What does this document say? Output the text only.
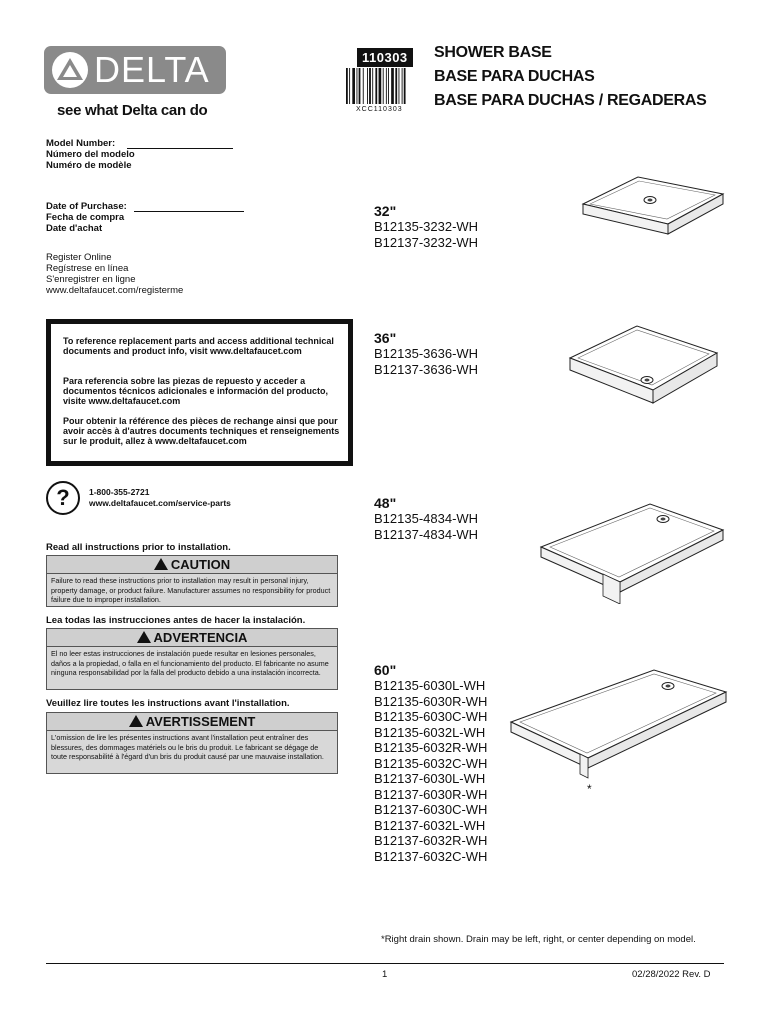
DELTA
see what Delta can do
110303
XCC110303
SHOWER BASE
BASE PARA DUCHAS
BASE PARA DUCHAS / REGADERAS
Model Number:
Número del modelo
Numéro de modèle
Date of Purchase:
Fecha de compra
Date d'achat
Register Online
Regístrese en línea
S'enregistrer en ligne
www.deltafaucet.com/registerme
To reference replacement parts and access additional technical documents and product info, visit www.deltafaucet.com
Para referencia sobre las piezas de repuesto y acceder a documentos técnicos adicionales e información del producto, visite www.deltafaucet.com
Pour obtenir la référence des pièces de rechange ainsi que pour avoir accès à d'autres documents techniques et renseignements sur le produit, allez à www.deltafaucet.com
?	1-800-355-2721
www.deltafaucet.com/service-parts
Read all instructions prior to installation.
CAUTION
Failure to read these instructions prior to installation may result in personal injury, property damage, or product failure. Manufacturer assumes no responsibility for product failure due to improper installation.
Lea todas las instrucciones antes de hacer la instalación.
ADVERTENCIA
El no leer estas instrucciones de instalación puede resultar en lesiones personales, daños a la propiedad, o falla en el funcionamiento del producto. El fabricante no asume ninguna responsabilidad por la falla del producto debido a una instalación incorrecta.
Veuillez lire toutes les instructions avant l'installation.
AVERTISSEMENT
L'omission de lire les présentes instructions avant l'installation peut entraîner des blessures, des dommages matériels ou le bris du produit. Le fabricant se dégage de toute responsabilité à l'égard d'un bris du produit causé par une mauvaise installation.
32"
B12135-3232-WH
B12137-3232-WH
36"
B12135-3636-WH
B12137-3636-WH
48"
B12135-4834-WH
B12137-4834-WH
60"
B12135-6030L-WH
B12135-6030R-WH
B12135-6030C-WH
B12135-6032L-WH
B12135-6032R-WH
B12135-6032C-WH
B12137-6030L-WH
B12137-6030R-WH
B12137-6030C-WH
B12137-6032L-WH
B12137-6032R-WH
B12137-6032C-WH
*
*Right drain shown. Drain may be left, right, or center depending on model.
1	02/28/2022 Rev. D
